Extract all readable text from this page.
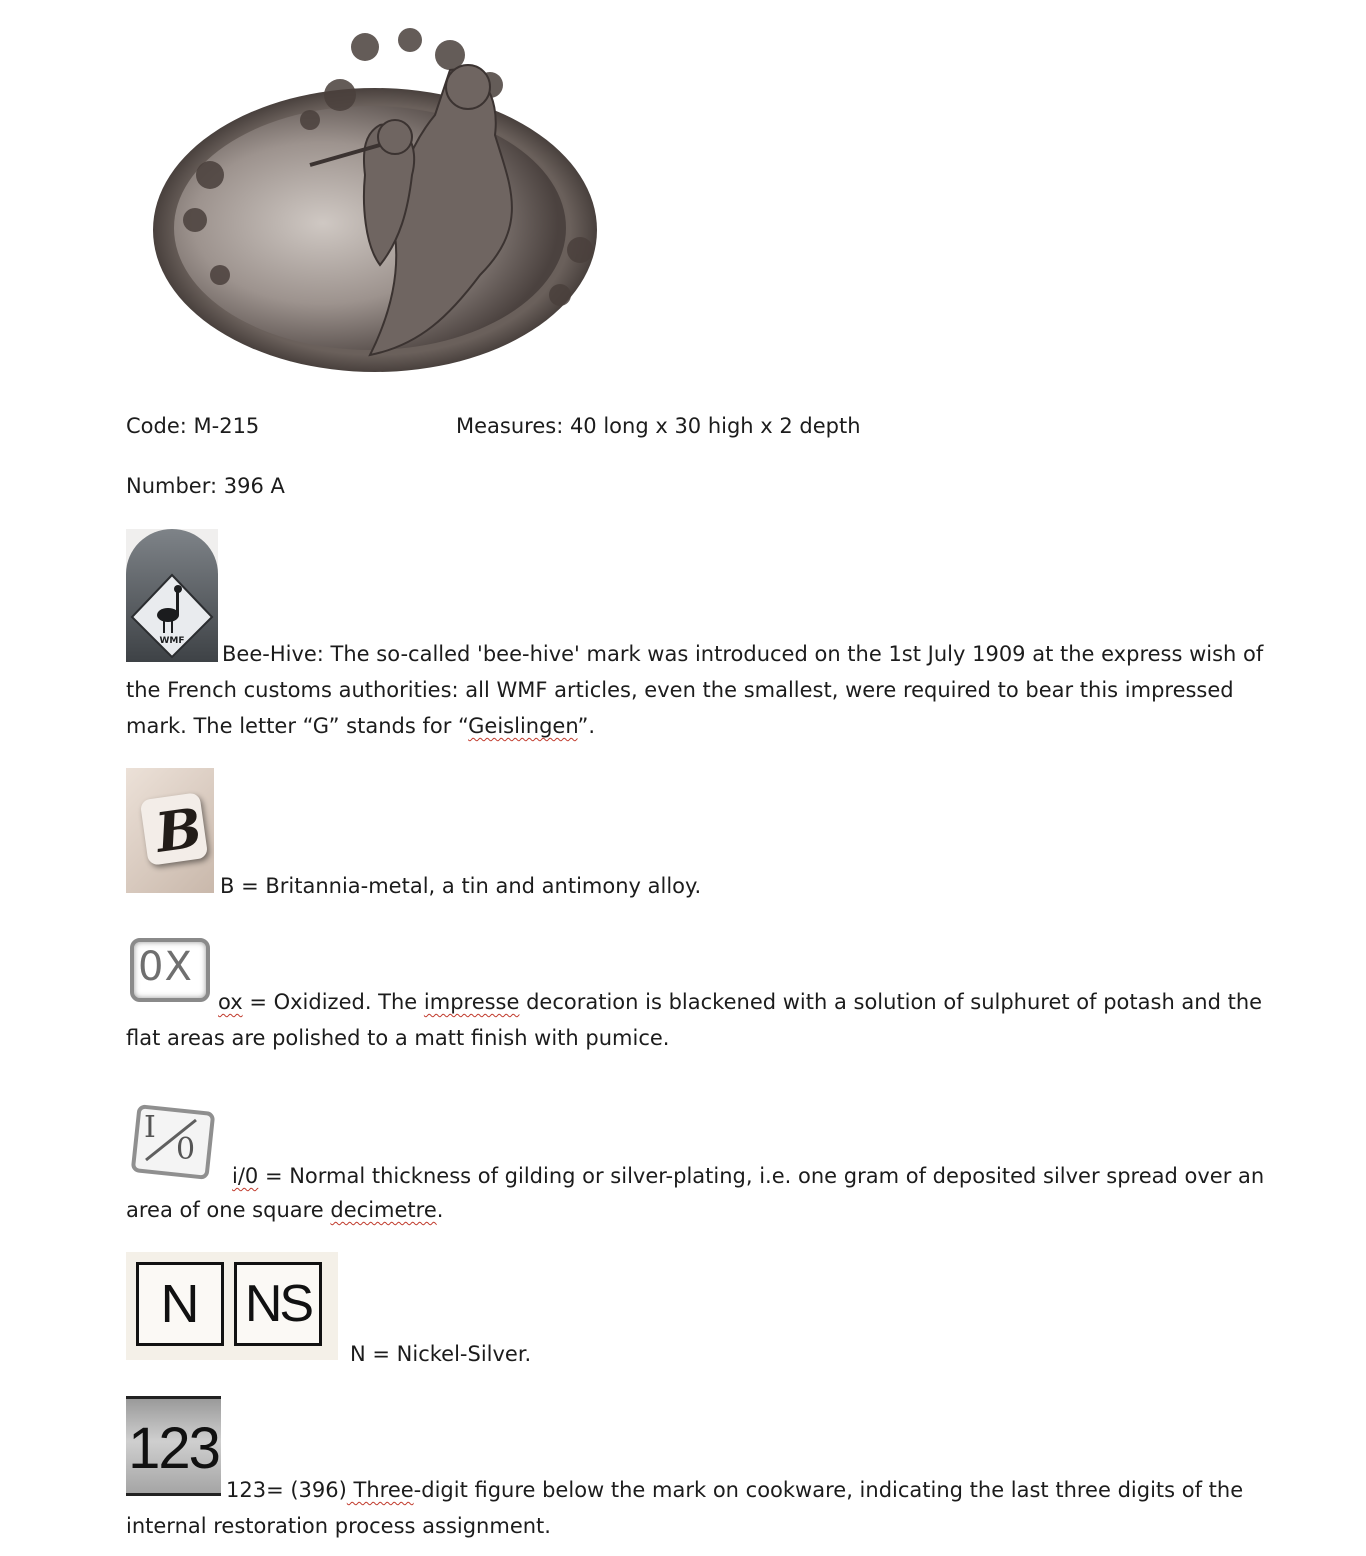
Code: M-215	Measures: 40 long x 30 high x 2 depth
Number: 396 A
WMF
Bee-Hive: The so-called 'bee-hive' mark was introduced on the 1st July 1909 at the express wish of
the French customs authorities: all WMF articles, even the smallest, were required to bear this impressed
mark. The letter “G” stands for “Geislingen”.
B
B = Britannia-metal, a tin and antimony alloy.
0X
ox = Oxidized. The impresse decoration is blackened with a solution of sulphuret of potash and the
flat areas are polished to a matt finish with pumice.
I
0
i/0 = Normal thickness of gilding or silver-plating, i.e. one gram of deposited silver spread over an
area of one square decimetre.
N NS
N = Nickel-Silver.
123
123= (396) Three-digit figure below the mark on cookware, indicating the last three digits of the
internal restoration process assignment.
